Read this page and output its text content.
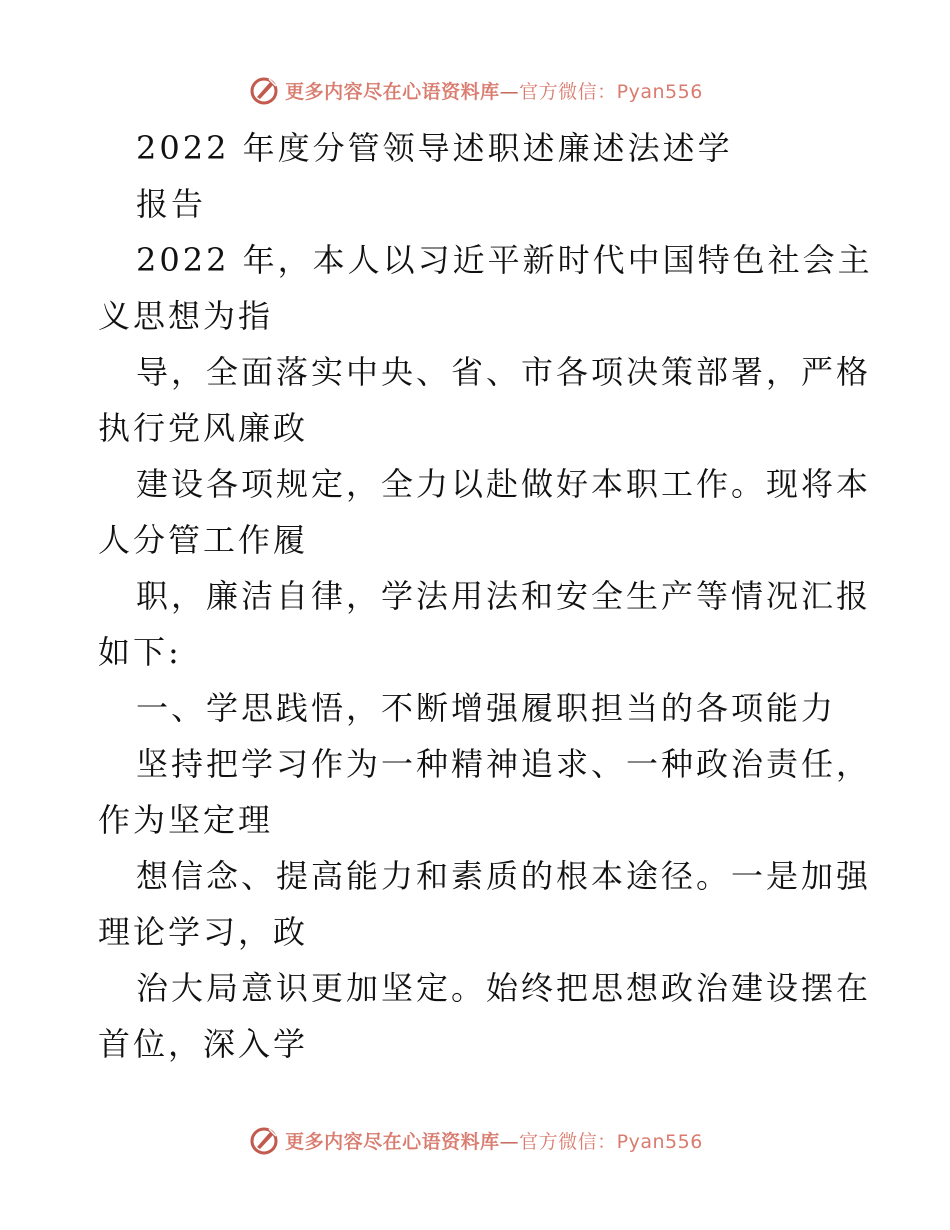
更多内容尽在心语资料库—官方微信：Pyan556
2022 年度分管领导述职述廉述法述学
报告
2022 年，本人以习近平新时代中国特色社会主
义思想为指
导，全面落实中央、省、市各项决策部署，严格
执行党风廉政
建设各项规定，全力以赴做好本职工作。现将本
人分管工作履
职，廉洁自律，学法用法和安全生产等情况汇报
如下:
一、学思践悟，不断增强履职担当的各项能力
坚持把学习作为一种精神追求、一种政治责任，
作为坚定理
想信念、提高能力和素质的根本途径。一是加强
理论学习，政
治大局意识更加坚定。始终把思想政治建设摆在
首位，深入学
更多内容尽在心语资料库—官方微信：Pyan556
